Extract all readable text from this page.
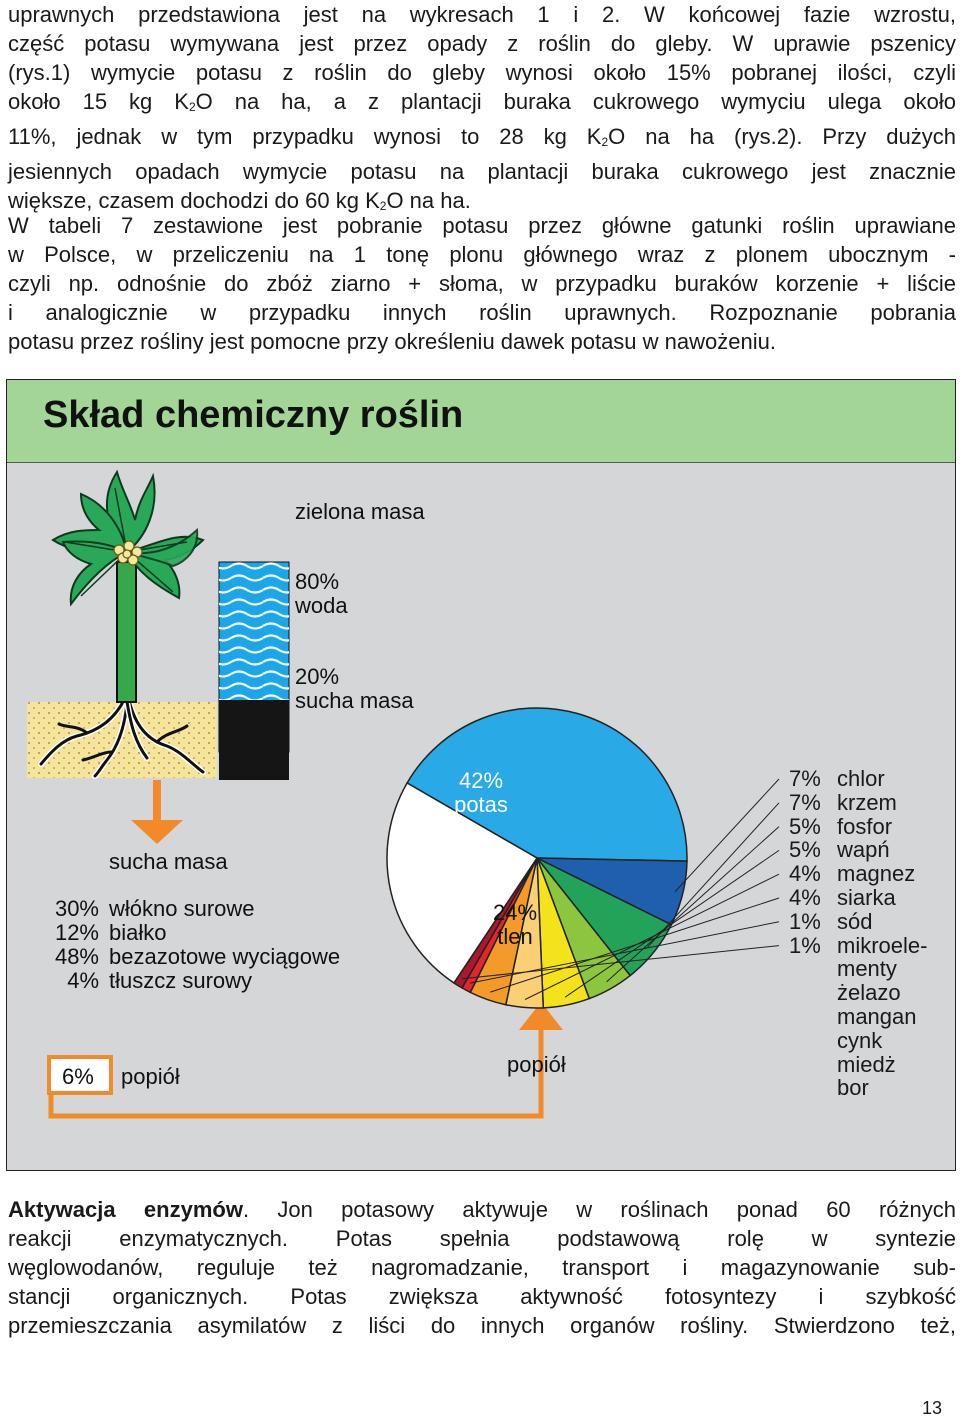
uprawnych przedstawiona jest na wykresach 1 i 2. W końcowej fazie wzrostu,
część potasu wymywana jest przez opady z roślin do gleby. W uprawie pszenicy
(rys.1) wymycie potasu z roślin do gleby wynosi około 15% pobranej ilości, czyli
około 15 kg $K_2O$ na ha, a z plantacji buraka cukrowego wymyciu ulega około
11%, jednak w tym przypadku wynosi to 28 kg $K_2O$ na ha (rys.2). Przy dużych
jesiennych opadach wymycie potasu na plantacji buraka cukrowego jest znacznie
większe, czasem dochodzi do 60 kg $K_2O$ na ha.
W tabeli 7 zestawione jest pobranie potasu przez główne gatunki roślin uprawiane
w Polsce, w przeliczeniu na 1 tonę plonu głównego wraz z plonem ubocznym -
czyli np. odnośnie do zbóż ziarno + słoma, w przypadku buraków korzenie + liście
i analogicznie w przypadku innych roślin uprawnych. Rozpoznanie pobrania
potasu przez rośliny jest pomocne przy określeniu dawek potasu w nawożeniu.
Skład chemiczny roślin
zielona masa
80%
woda
20%
sucha masa
sucha masa
30% włókno surowe
12% białko
48% bezazotowe wyciągowe
4% tłuszcz surowy
6% popiół
42%
potas
24%
tlen
popiół
7% chlor
7% krzem
5% fosfor
5% wapń
4% magnez
4% siarka
1% sód
1% mikroele-
menty
żelazo
mangan
cynk
miedż
bor
Aktywacja enzymów. Jon potasowy aktywuje w roślinach ponad 60 różnych
reakcji enzymatycznych. Potas spełnia podstawową rolę w syntezie
węglowodanów, reguluje też nagromadzanie, transport i magazynowanie sub-
stancji organicznych. Potas zwiększa aktywność fotosyntezy i szybkość
przemieszczania asymilatów z liści do innych organów rośliny. Stwierdzono też,
13
